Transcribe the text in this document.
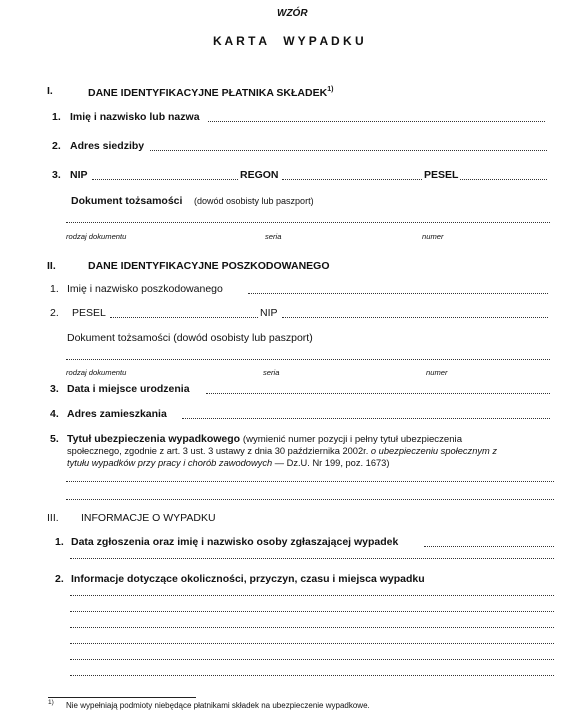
WZÓR
K A R T A     W Y P A D K U
I.	DANE IDENTYFIKACYJNE PŁATNIKA SKŁADEK$^{1)}$
1. Imię i nazwisko lub nazwa
2. Adres siedziby
3. NIP	REGON	PESEL
Dokument tożsamości (dowód osobisty lub paszport)
rodzaj dokumentu	seria	numer
II.	DANE IDENTYFIKACYJNE POSZKODOWANEGO
1. Imię i nazwisko poszkodowanego
2. PESEL	NIP
Dokument tożsamości (dowód osobisty lub paszport)
rodzaj dokumentu	seria	numer
3. Data i miejsce urodzenia
4. Adres zamieszkania
5. Tytuł ubezpieczenia wypadkowego (wymienić numer pozycji i pełny tytuł ubezpieczenia
społecznego, zgodnie z art. 3 ust. 3 ustawy z dnia 30 października 2002r. o ubezpieczeniu społecznym z
tytułu wypadków przy pracy i chorób zawodowych — Dz.U. Nr 199, poz. 1673)
III. INFORMACJE O WYPADKU
1. Data zgłoszenia oraz imię i nazwisko osoby zgłaszającej wypadek
2. Informacje dotyczące okoliczności, przyczyn, czasu i miejsca wypadku
1) Nie wypełniają podmioty niebędące płatnikami składek na ubezpieczenie wypadkowe.
